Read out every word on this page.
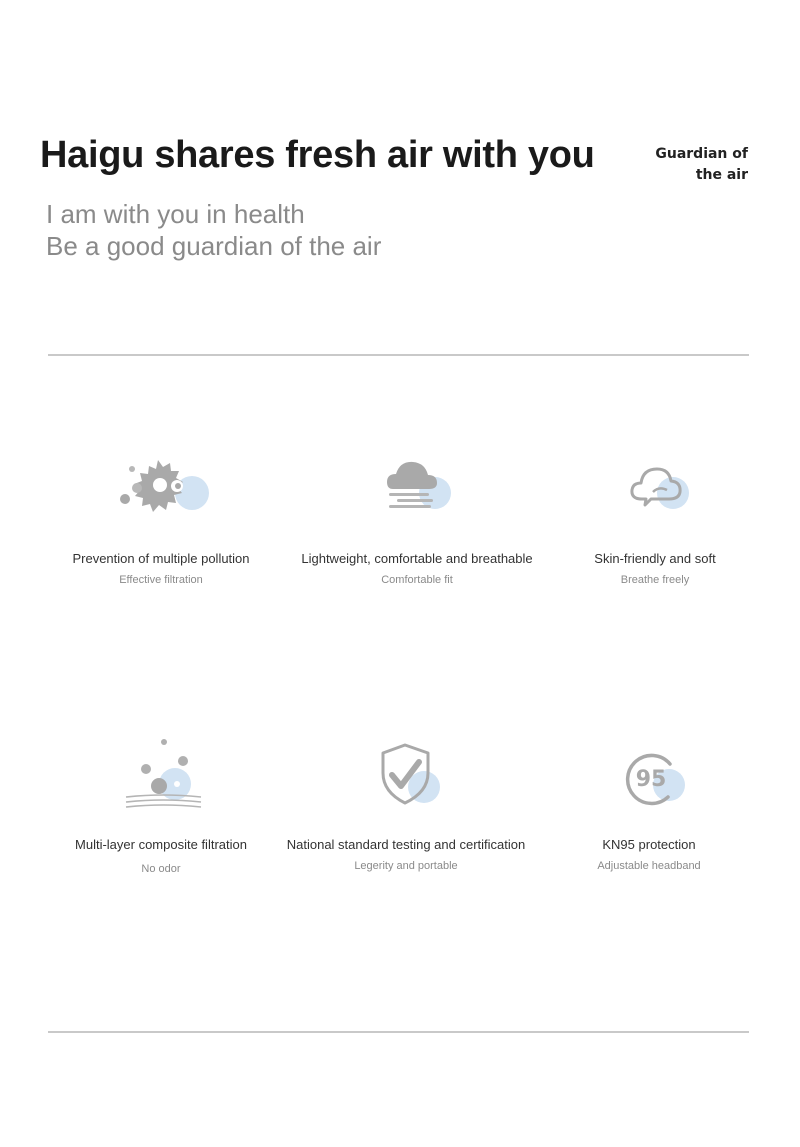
Haigu shares fresh air with you	Guardian of
the air
I am with you in health
Be a good guardian of the air
Prevention of multiple pollution
Effective filtration
Lightweight, comfortable and breathable
Comfortable fit
Skin-friendly and soft
Breathe freely
Multi-layer composite filtration
No odor
National standard testing and certification
Legerity and portable
95
KN95 protection
Adjustable headband
